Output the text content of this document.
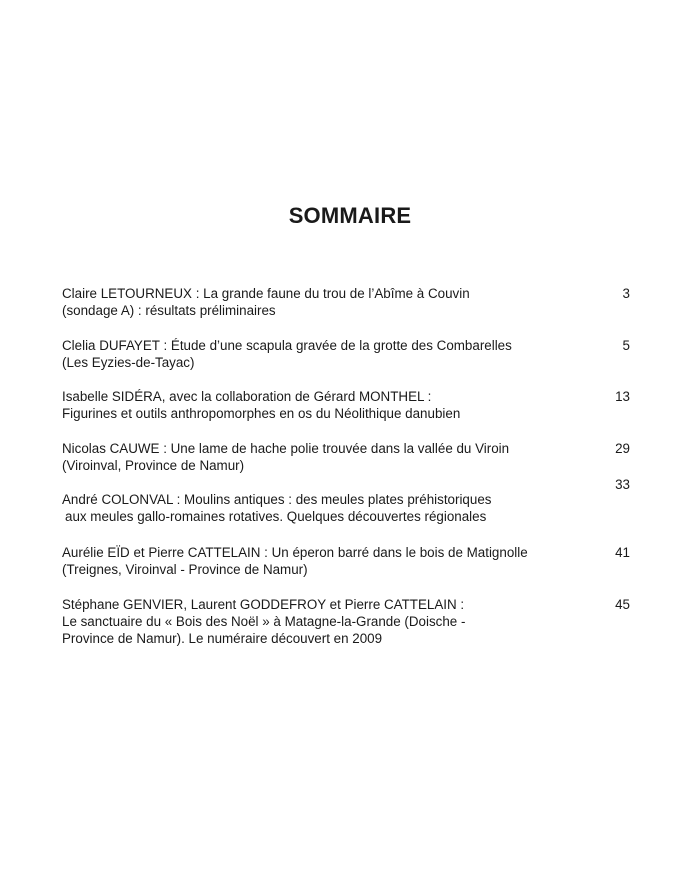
SOMMAIRE
Claire LETOURNEUX : La grande faune du trou de l’Abîme à Couvin
(sondage A) : résultats préliminaires
3
Clelia DUFAYET : Étude d’une scapula gravée de la grotte des Combarelles
(Les Eyzies-de-Tayac)
5
Isabelle SIDÉRA, avec la collaboration de Gérard MONTHEL :
Figurines et outils anthropomorphes en os du Néolithique danubien
13
Nicolas CAUWE : Une lame de hache polie trouvée dans la vallée du Viroin
(Viroinval, Province de Namur)
29
André COLONVAL : Moulins antiques : des meules plates préhistoriques
aux meules gallo-romaines rotatives. Quelques découvertes régionales
33
Aurélie EÏD et Pierre CATTELAIN : Un éperon barré dans le bois de Matignolle
(Treignes, Viroinval - Province de Namur)
41
Stéphane GENVIER, Laurent GODDEFROY et Pierre CATTELAIN :
Le sanctuaire du « Bois des Noël » à Matagne-la-Grande (Doische -
Province de Namur). Le numéraire découvert en 2009
45
